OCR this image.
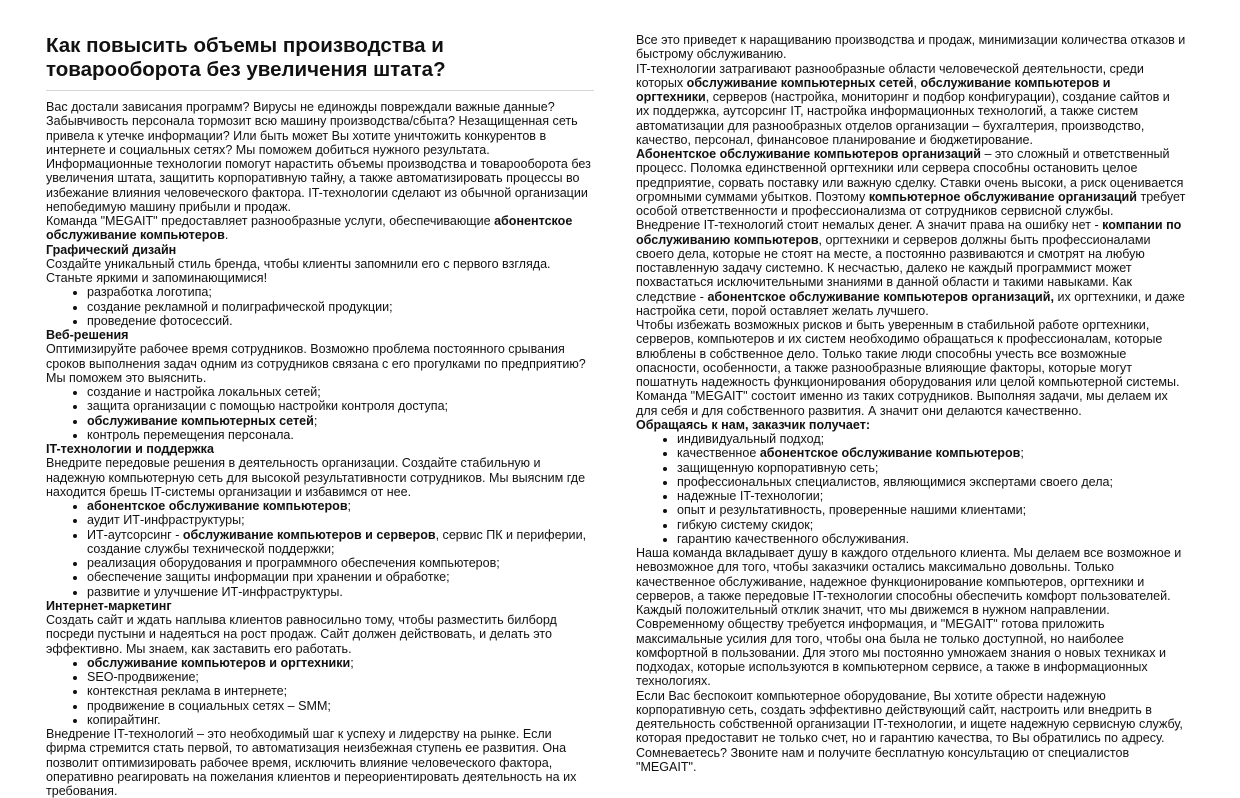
Как повысить объемы производства и товарооборота без увеличения штата?

Вас достали зависания программ? Вирусы не единожды повреждали важные данные? Забывчивость персонала тормозит всю машину производства/сбыта? Незащищенная сеть привела к утечке информации? Или быть может Вы хотите уничтожить конкурентов в интернете и социальных сетях? Мы поможем добиться нужного результата.

Информационные технологии помогут нарастить объемы производства и товарооборота без увеличения штата, защитить корпоративную тайну, а также автоматизировать процессы во избежание влияния человеческого фактора. IT-технологии сделают из обычной организации непобедимую машину прибыли и продаж.

Команда "MEGAIT" предоставляет разнообразные услуги, обеспечивающие абонентское обслуживание компьютеров.

Графический дизайн

Создайте уникальный стиль бренда, чтобы клиенты запомнили его с первого взгляда. Станьте яркими и запоминающимися!

• разработка логотипа;
• создание рекламной и полиграфической продукции;
• проведение фотосессий.
Веб-решения

Оптимизируйте рабочее время сотрудников. Возможно проблема постоянного срывания сроков выполнения задач одним из сотрудников связана с его прогулками по предприятию? Мы поможем это выяснить.

• создание и настройка локальных сетей;
• защита организации с помощью настройки контроля доступа;
• обслуживание компьютерных сетей;
• контроль перемещения персонала.
IT-технологии и поддержка

Внедрите передовые решения в деятельность организации. Создайте стабильную и надежную компьютерную сеть для высокой результативности сотрудников. Мы выясним где находится брешь IT-системы организации и избавимся от нее.

• абонентское обслуживание компьютеров;
• аудит ИТ-инфраструктуры;
• ИТ-аутсорсинг - обслуживание компьютеров и серверов, сервис ПК и периферии, создание службы технической поддержки;
• реализация оборудования и программного обеспечения компьютеров;
• обеспечение защиты информации при хранении и обработке;
• развитие и улучшение ИТ-инфраструктуры.
Интернет-маркетинг

Создать сайт и ждать наплыва клиентов равносильно тому, чтобы разместить билборд посреди пустыни и надеяться на рост продаж. Сайт должен действовать, и делать это эффективно. Мы знаем, как заставить его работать.

• обслуживание компьютеров и оргтехники;
• SEO-продвижение;
• контекстная реклама в интернете;
• продвижение в социальных сетях – SMM;
• копирайтинг.

Внедрение IT-технологий – это необходимый шаг к успеху и лидерству на рынке. Если фирма стремится стать первой, то автоматизация неизбежная ступень ее развития. Она позволит оптимизировать рабочее время, исключить влияние человеческого фактора, оперативно реагировать на пожелания клиентов и переориентировать деятельность на их требования.

Все это приведет к наращиванию производства и продаж, минимизации количества отказов и быстрому обслуживанию.

IT-технологии затрагивают разнообразные области человеческой деятельности, среди которых обслуживание компьютерных сетей, обслуживание компьютеров и оргтехники, серверов (настройка, мониторинг и подбор конфигурации), создание сайтов и их поддержка, аутсорсинг IT, настройка информационных технологий, а также систем автоматизации для разнообразных отделов организации – бухгалтерия, производство, качество, персонал, финансовое планирование и бюджетирование.

Абонентское обслуживание компьютеров организаций – это сложный и ответственный процесс. Поломка единственной оргтехники или сервера способны остановить целое предприятие, сорвать поставку или важную сделку. Ставки очень высоки, а риск оценивается огромными суммами убытков. Поэтому компьютерное обслуживание организаций требует особой ответственности и профессионализма от сотрудников сервисной службы.

Внедрение IT-технологий стоит немалых денег. А значит права на ошибку нет - компании по обслуживанию компьютеров, оргтехники и серверов должны быть профессионалами своего дела, которые не стоят на месте, а постоянно развиваются и смотрят на любую поставленную задачу системно. К несчастью, далеко не каждый программист может похвастаться исключительными знаниями в данной области и такими навыками. Как следствие - абонентское обслуживание компьютеров организаций, их оргтехники, и даже настройка сети, порой оставляет желать лучшего.

Чтобы избежать возможных рисков и быть уверенным в стабильной работе оргтехники, серверов, компьютеров и их систем необходимо обращаться к профессионалам, которые влюблены в собственное дело. Только такие люди способны учесть все возможные опасности, особенности, а также разнообразные влияющие факторы, которые могут пошатнуть надежность функционирования оборудования или целой компьютерной системы. Команда "MEGAIT" состоит именно из таких сотрудников. Выполняя задачи, мы делаем их для себя и для собственного развития. А значит они делаются качественно.

Обращаясь к нам, заказчик получает:
• индивидуальный подход;
• качественное абонентское обслуживание компьютеров;
• защищенную корпоративную сеть;
• профессиональных специалистов, являющимися экспертами своего дела;
• надежные IT-технологии;
• опыт и результативность, проверенные нашими клиентами;
• гибкую систему скидок;
• гарантию качественного обслуживания.

Наша команда вкладывает душу в каждого отдельного клиента. Мы делаем все возможное и невозможное для того, чтобы заказчики остались максимально довольны. Только качественное обслуживание, надежное функционирование компьютеров, оргтехники и серверов, а также передовые IT-технологии способны обеспечить комфорт пользователей. Каждый положительный отклик значит, что мы движемся в нужном направлении.

Современному обществу требуется информация, и "MEGAIT" готова приложить максимальные усилия для того, чтобы она была не только доступной, но наиболее комфортной в пользовании. Для этого мы постоянно умножаем знания о новых техниках и подходах, которые используются в компьютерном сервисе, а также в информационных технологиях.

Если Вас беспокоит компьютерное оборудование, Вы хотите обрести надежную корпоративную сеть, создать эффективно действующий сайт, настроить или внедрить в деятельность собственной организации IT-технологии, и ищете надежную сервисную службу, которая предоставит не только счет, но и гарантию качества, то Вы обратились по адресу. Сомневаетесь? Звоните нам и получите бесплатную консультацию от специалистов "MEGAIT".
